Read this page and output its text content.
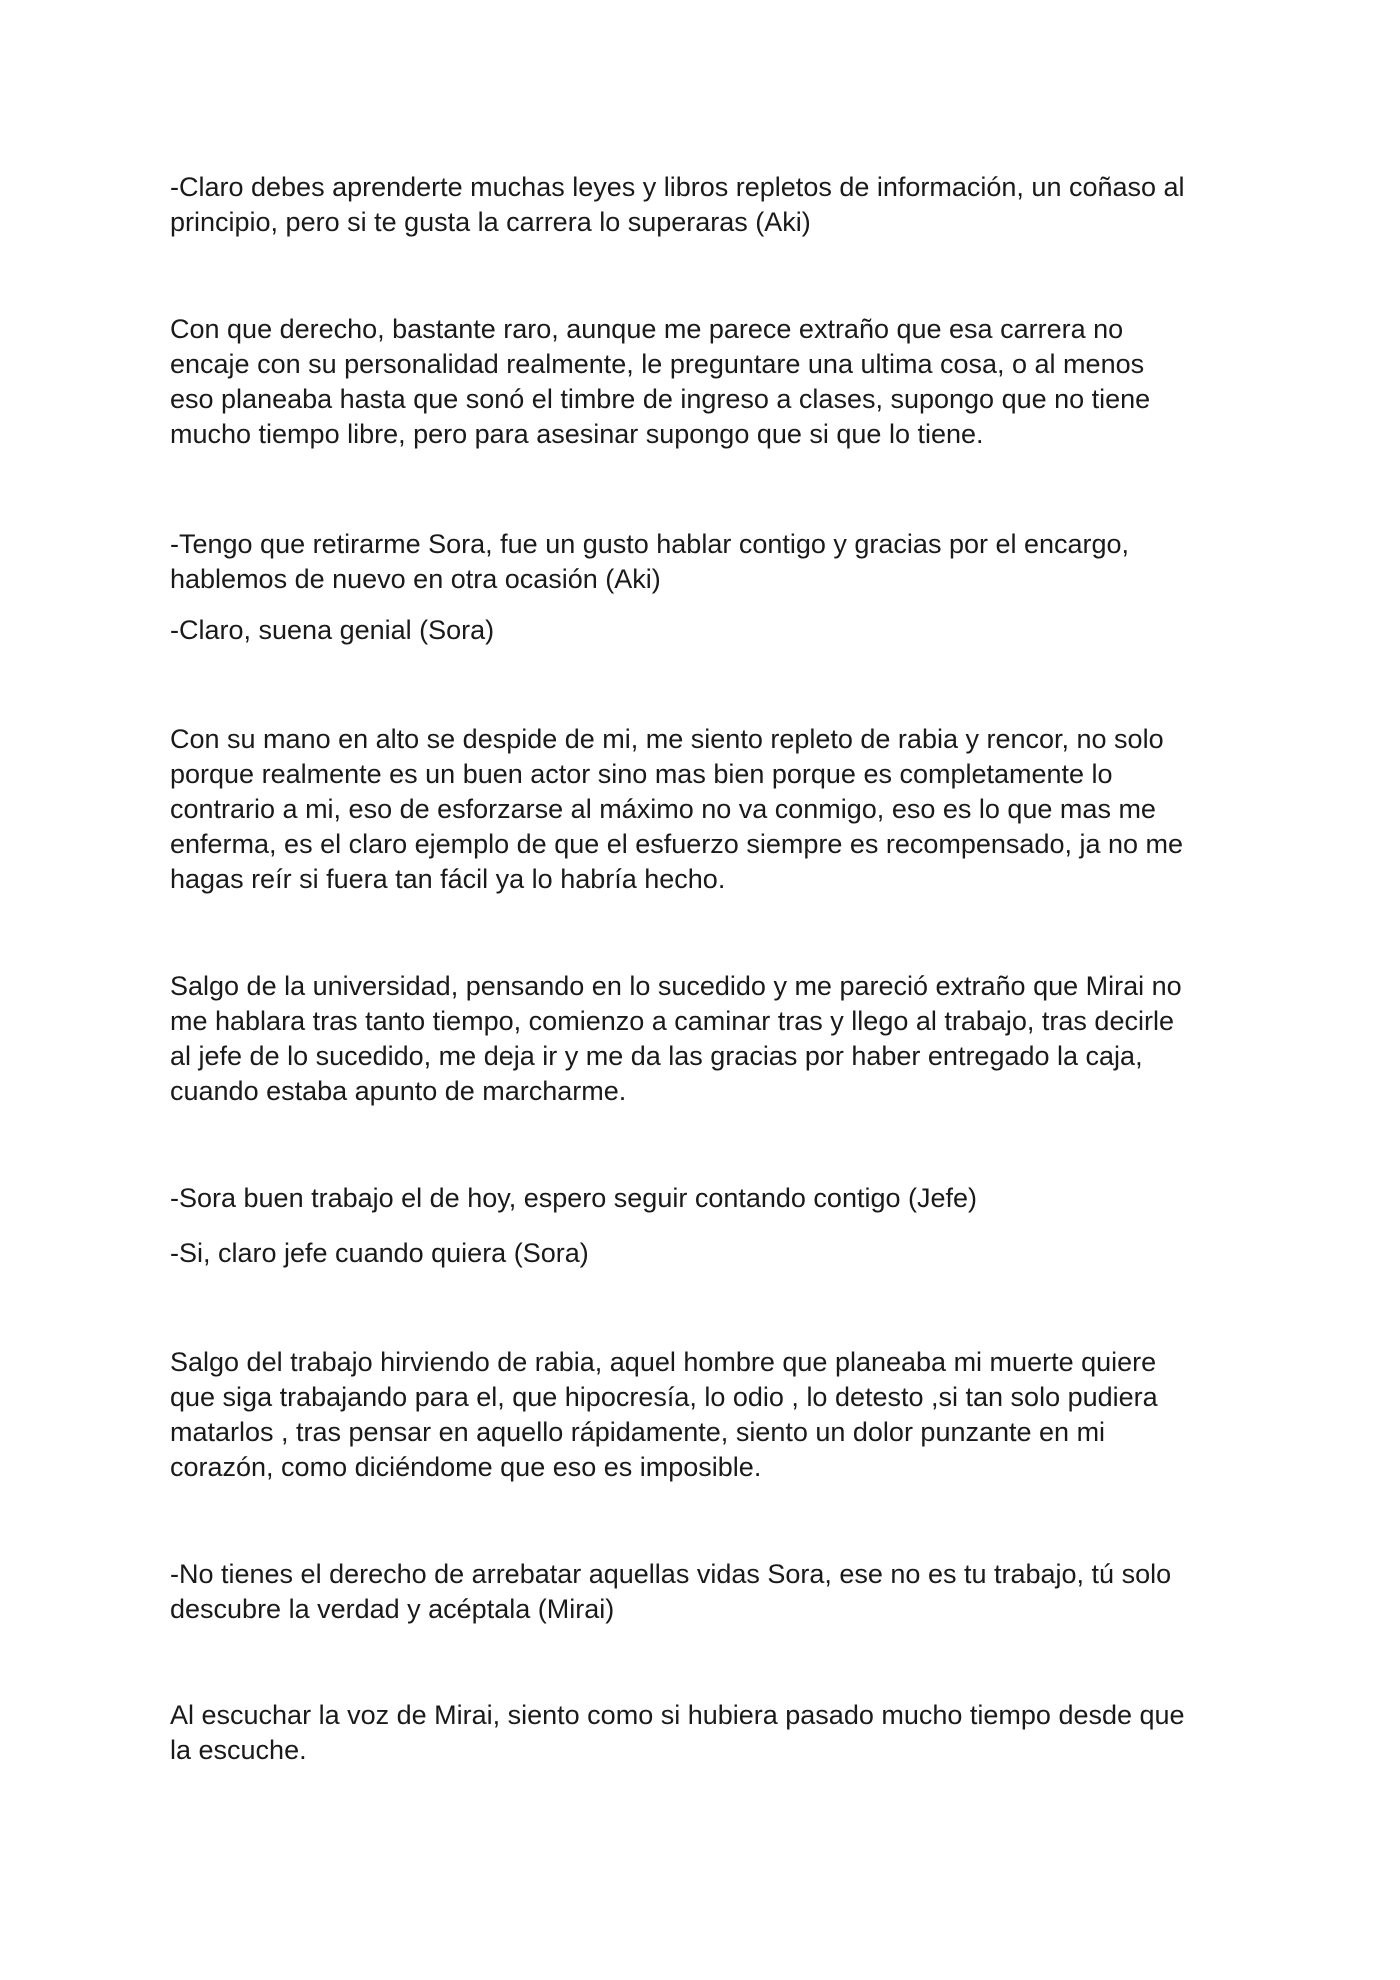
-Claro debes aprenderte muchas leyes y libros repletos de información, un coñaso al
principio, pero si te gusta la carrera lo superaras (Aki)

Con que derecho, bastante raro, aunque me parece extraño que esa carrera no
encaje con su personalidad realmente, le preguntare una ultima cosa, o al menos
eso planeaba hasta que sonó el timbre de ingreso a clases, supongo que no tiene
mucho tiempo libre, pero para asesinar supongo que si que lo tiene.

-Tengo que retirarme Sora, fue un gusto hablar contigo y gracias por el encargo,
hablemos de nuevo en otra ocasión (Aki)

-Claro, suena genial (Sora)

Con su mano en alto se despide de mi, me siento repleto de rabia y rencor, no solo
porque realmente es un buen actor sino mas bien porque es completamente lo
contrario a mi, eso de esforzarse al máximo no va conmigo, eso es lo que mas me
enferma, es el claro ejemplo de que el esfuerzo siempre es recompensado, ja no me
hagas reír si fuera tan fácil ya lo habría hecho.

Salgo de la universidad, pensando en lo sucedido y me pareció extraño que Mirai no
me hablara tras tanto tiempo, comienzo a caminar tras y llego al trabajo, tras decirle
al jefe de lo sucedido, me deja ir y me da las gracias por haber entregado la caja,
cuando estaba apunto de marcharme.

-Sora buen trabajo el de hoy, espero seguir contando contigo (Jefe)

-Si, claro jefe cuando quiera (Sora)

Salgo del trabajo hirviendo de rabia, aquel hombre que planeaba mi muerte quiere
que siga trabajando para el, que hipocresía, lo odio , lo detesto ,si tan solo pudiera
matarlos , tras pensar en aquello rápidamente, siento un dolor punzante en mi
corazón, como diciéndome que eso es imposible.

-No tienes el derecho de arrebatar aquellas vidas Sora, ese no es tu trabajo, tú solo
descubre la verdad y acéptala (Mirai)

Al escuchar la voz de Mirai, siento como si hubiera pasado mucho tiempo desde que
la escuche.
